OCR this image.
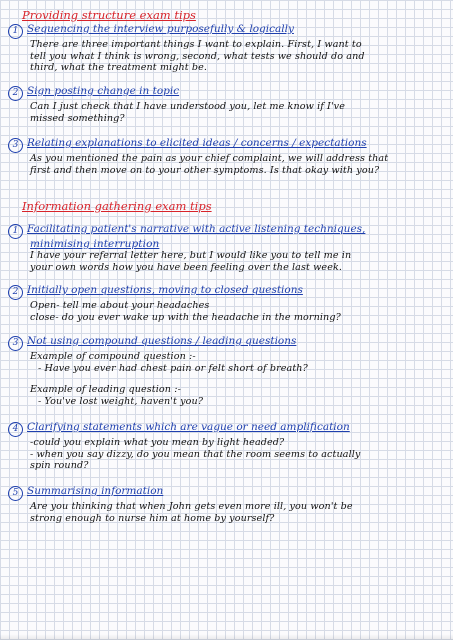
Providing structure exam tips
1 Sequencing the interview purposefully & logically
There are three important things I want to explain. First, I want to
tell you what I think is wrong, second, what tests we should do and
third, what the treatment might be.
2 Sign posting change in topic
Can I just check that I have understood you, let me know if I've
missed something?
3 Relating explanations to elicited ideas / concerns / expectations
As you mentioned the pain as your chief complaint, we will address that
first and then move on to your other symptoms. Is that okay with you?
Information gathering exam tips
1 Facilitating patient's narrative with active listening techniques,
minimising interruption
I have your referral letter here, but I would like you to tell me in
your own words how you have been feeling over the last week.
2 Initially open questions, moving to closed questions
Open- tell me about your headaches
close- do you ever wake up with the headache in the morning?
3 Not using compound questions / leading questions
Example of compound question :-
- Have you ever had chest pain or felt short of breath?
Example of leading question :-
- You've lost weight, haven't you?
4 Clarifying statements which are vague or need amplification
-could you explain what you mean by light headed?
- when you say dizzy, do you mean that the room seems to actually
spin round?
5 Summarising information
Are you thinking that when John gets even more ill, you won't be
strong enough to nurse him at home by yourself?
